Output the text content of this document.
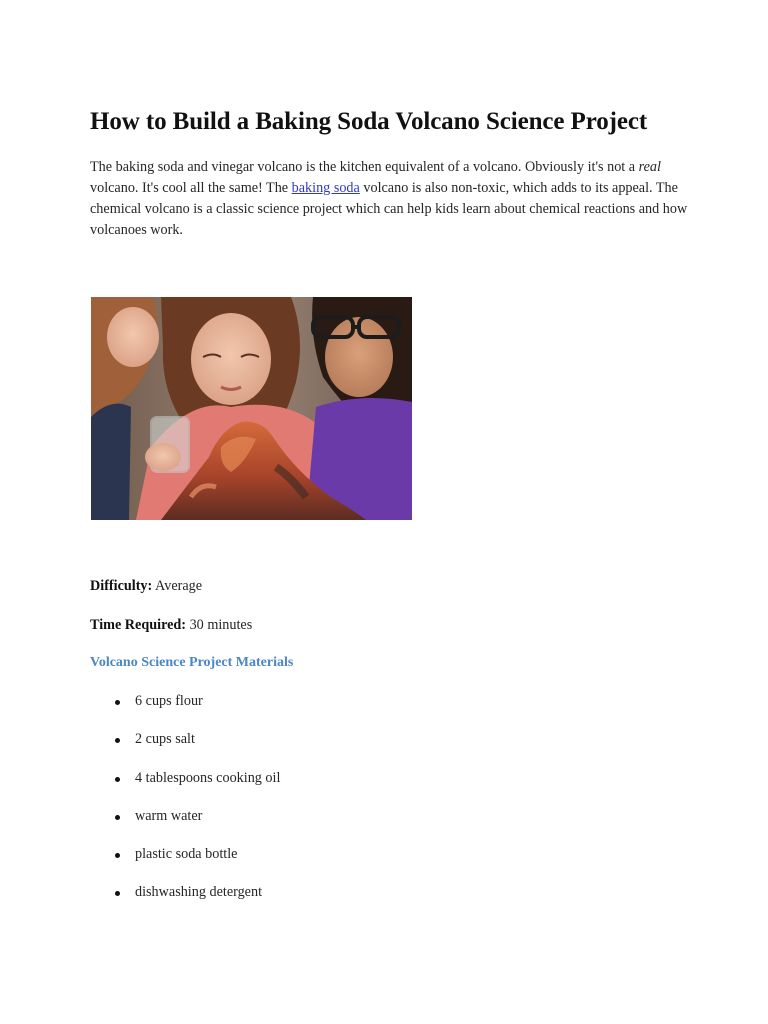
How to Build a Baking Soda Volcano Science Project

The baking soda and vinegar volcano is the kitchen equivalent of a volcano. Obviously it's not a real volcano. It's cool all the same! The baking soda volcano is also non-toxic, which adds to its appeal. The chemical volcano is a classic science project which can help kids learn about chemical reactions and how volcanoes work.

Difficulty: Average

Time Required: 30 minutes

Volcano Science Project Materials
6 cups flour
2 cups salt
4 tablespoons cooking oil
warm water
plastic soda bottle
dishwashing detergent
